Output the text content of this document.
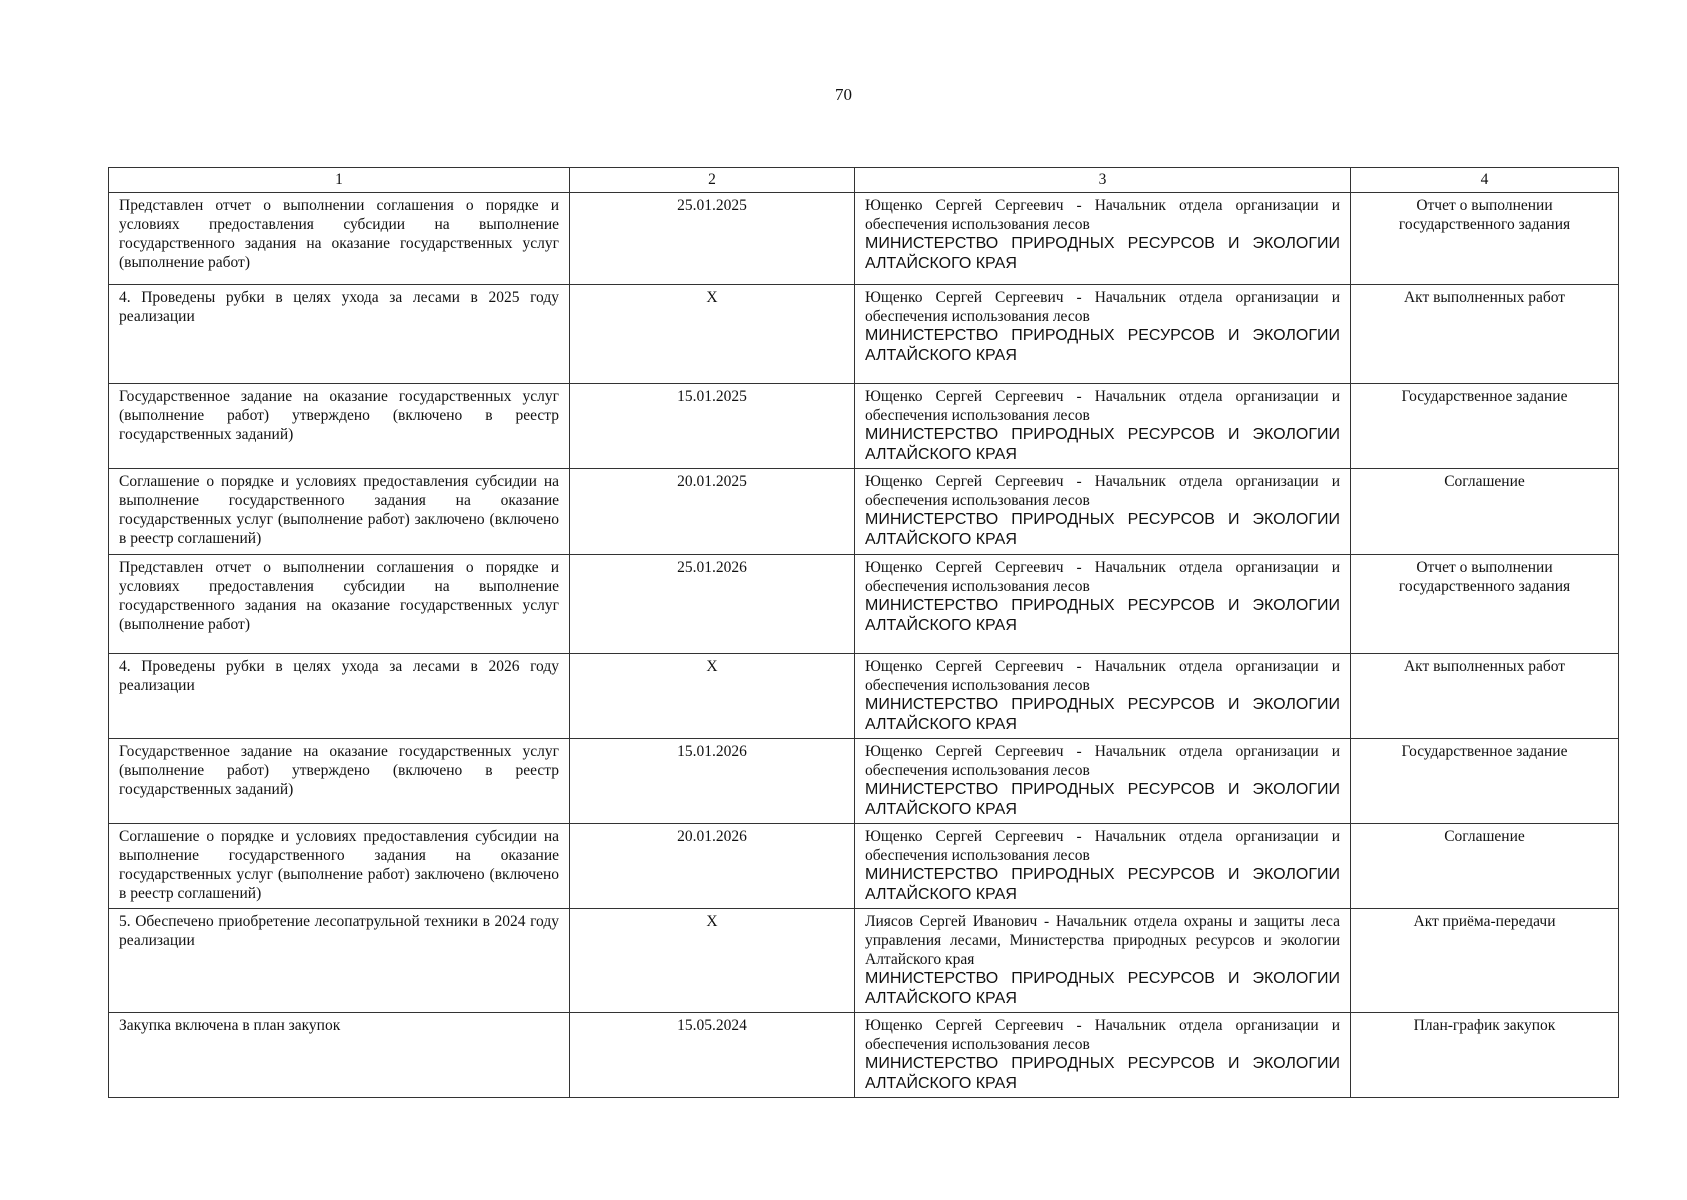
70
1	2	3	4
Представлен отчет о выполнении соглашения о порядке и условиях предоставления субсидии на выполнение государственного задания на оказание государственных услуг (выполнение работ)	25.01.2025	Ющенко Сергей Сергеевич - Начальник отдела организации и обеспечения использования лесов
МИНИСТЕРСТВО ПРИРОДНЫХ РЕСУРСОВ И ЭКОЛОГИИ АЛТАЙСКОГО КРАЯ	Отчет о выполнении государственного задания
4. Проведены рубки в целях ухода за лесами в 2025 году реализации	X	Ющенко Сергей Сергеевич - Начальник отдела организации и обеспечения использования лесов
МИНИСТЕРСТВО ПРИРОДНЫХ РЕСУРСОВ И ЭКОЛОГИИ АЛТАЙСКОГО КРАЯ	Акт выполненных работ
Государственное задание на оказание государственных услуг (выполнение работ) утверждено (включено в реестр государственных заданий)	15.01.2025	Ющенко Сергей Сергеевич - Начальник отдела организации и обеспечения использования лесов
МИНИСТЕРСТВО ПРИРОДНЫХ РЕСУРСОВ И ЭКОЛОГИИ АЛТАЙСКОГО КРАЯ	Государственное задание
Соглашение о порядке и условиях предоставления субсидии на выполнение государственного задания на оказание государственных услуг (выполнение работ) заключено (включено в реестр соглашений)	20.01.2025	Ющенко Сергей Сергеевич - Начальник отдела организации и обеспечения использования лесов
МИНИСТЕРСТВО ПРИРОДНЫХ РЕСУРСОВ И ЭКОЛОГИИ АЛТАЙСКОГО КРАЯ	Соглашение
Представлен отчет о выполнении соглашения о порядке и условиях предоставления субсидии на выполнение государственного задания на оказание государственных услуг (выполнение работ)	25.01.2026	Ющенко Сергей Сергеевич - Начальник отдела организации и обеспечения использования лесов
МИНИСТЕРСТВО ПРИРОДНЫХ РЕСУРСОВ И ЭКОЛОГИИ АЛТАЙСКОГО КРАЯ	Отчет о выполнении государственного задания
4. Проведены рубки в целях ухода за лесами в 2026 году реализации	X	Ющенко Сергей Сергеевич - Начальник отдела организации и обеспечения использования лесов
МИНИСТЕРСТВО ПРИРОДНЫХ РЕСУРСОВ И ЭКОЛОГИИ АЛТАЙСКОГО КРАЯ	Акт выполненных работ
Государственное задание на оказание государственных услуг (выполнение работ) утверждено (включено в реестр государственных заданий)	15.01.2026	Ющенко Сергей Сергеевич - Начальник отдела организации и обеспечения использования лесов
МИНИСТЕРСТВО ПРИРОДНЫХ РЕСУРСОВ И ЭКОЛОГИИ АЛТАЙСКОГО КРАЯ	Государственное задание
Соглашение о порядке и условиях предоставления субсидии на выполнение государственного задания на оказание государственных услуг (выполнение работ) заключено (включено в реестр соглашений)	20.01.2026	Ющенко Сергей Сергеевич - Начальник отдела организации и обеспечения использования лесов
МИНИСТЕРСТВО ПРИРОДНЫХ РЕСУРСОВ И ЭКОЛОГИИ АЛТАЙСКОГО КРАЯ	Соглашение
5. Обеспечено приобретение лесопатрульной техники в 2024 году реализации	X	Лиясов Сергей Иванович - Начальник отдела охраны и защиты леса управления лесами, Министерства природных ресурсов и экологии Алтайского края
МИНИСТЕРСТВО ПРИРОДНЫХ РЕСУРСОВ И ЭКОЛОГИИ АЛТАЙСКОГО КРАЯ	Акт приёма-передачи
Закупка включена в план закупок	15.05.2024	Ющенко Сергей Сергеевич - Начальник отдела организации и обеспечения использования лесов
МИНИСТЕРСТВО ПРИРОДНЫХ РЕСУРСОВ И ЭКОЛОГИИ АЛТАЙСКОГО КРАЯ	План-график закупок
